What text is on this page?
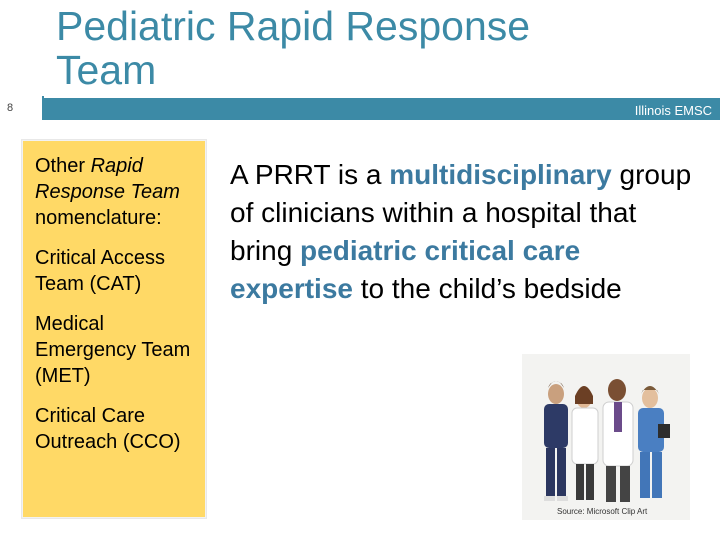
8
Pediatric Rapid Response Team
Illinois EMSC

Other Rapid Response Team nomenclature:

Critical Access Team (CAT)

Medical Emergency Team (MET)

Critical Care Outreach (CCO)

A PRRT is a multidisciplinary group of clinicians within a hospital that bring pediatric critical care expertise to the child’s bedside
Source: Microsoft Clip Art
